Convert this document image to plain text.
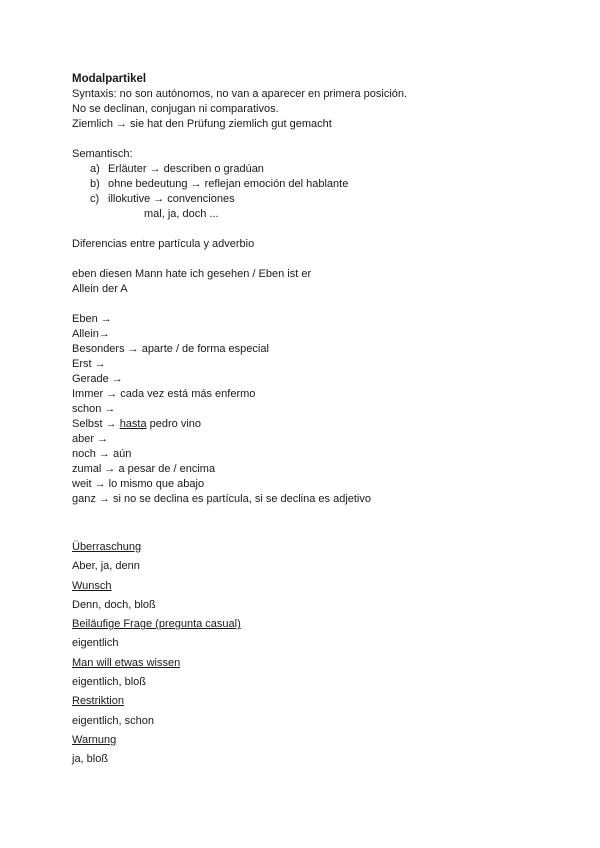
Modalpartikel
Syntaxis: no son autónomos, no van a aparecer en primera posición.
No se declinan, conjugan ni comparativos.
Ziemlich → sie hat den Prüfung ziemlich gut gemacht
Semantisch:
a) Erläuter → describen o gradúan
b) ohne bedeutung → reflejan emoción del hablante
c) illokutive → convenciones
mal, ja, doch ...
Diferencias entre partícula y adverbio
eben diesen Mann hate ich gesehen / Eben ist er
Allein der A
Eben →
Allein→
Besonders → aparte / de forma especial
Erst →
Gerade →
Immer → cada vez está más enfermo
schon →
Selbst → hasta pedro vino
aber →
noch → aún
zumal → a pesar de / encima
weit → lo mismo que abajo
ganz → si no se declina es partícula, si se declina es adjetivo
Überraschung
Aber, ja, denn
Wunsch
Denn, doch, bloß
Beiläufige Frage (pregunta casual)
eigentlich
Man will etwas wissen
eigentlich, bloß
Restriktion
eigentlich, schon
Warnung
ja, bloß
